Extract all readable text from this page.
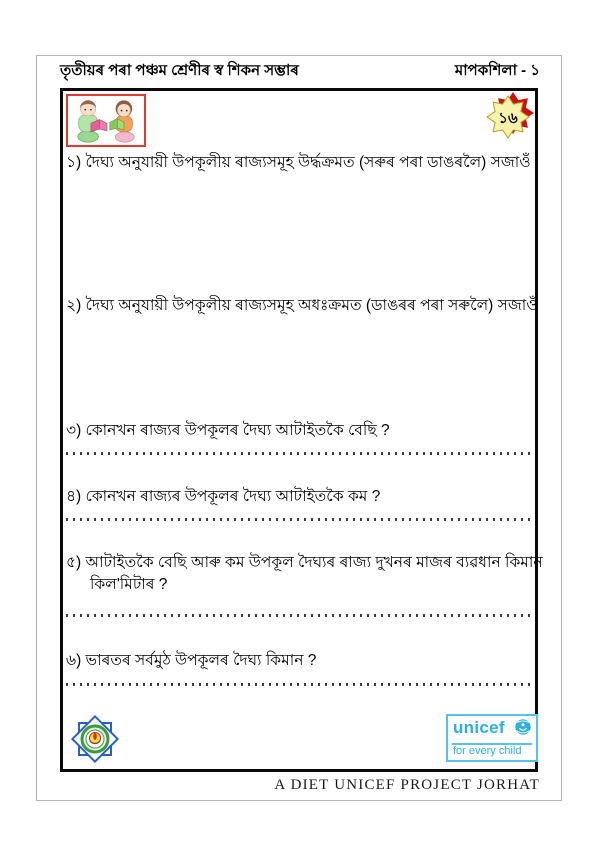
তৃতীয়ৰ পৰা পঞ্চম শ্ৰেণীৰ স্ব শিকন সম্ভাৰ	মাপকশিলা - ১
১৬
১) দৈঘ্য অনুযায়ী উপকূলীয় ৰাজ্যসমূহ উৰ্দ্ধক্ৰমত (সৰুৰ পৰা ডাঙৰলৈ) সজাওঁ
২) দৈঘ্য অনুযায়ী উপকূলীয় ৰাজ্যসমূহ অধঃক্ৰমত (ডাঙৰৰ পৰা সৰুলৈ) সজাওঁ
৩) কোনখন ৰাজ্যৰ উপকূলৰ দৈঘ্য আটাইতকৈ বেছি ?
৪) কোনখন ৰাজ্যৰ উপকূলৰ দৈঘ্য আটাইতকৈ কম ?
৫) আটাইতকৈ বেছি আৰু কম উপকূল দৈঘ্যৰ ৰাজ্য দুখনৰ মাজৰ ব্যৱধান কিমান কিল'মিটাৰ ?
৬) ভাৰতৰ সৰ্বমুঠ উপকূলৰ দৈঘ্য কিমান ?
unicef
for every child
A DIET UNICEF PROJECT JORHAT
